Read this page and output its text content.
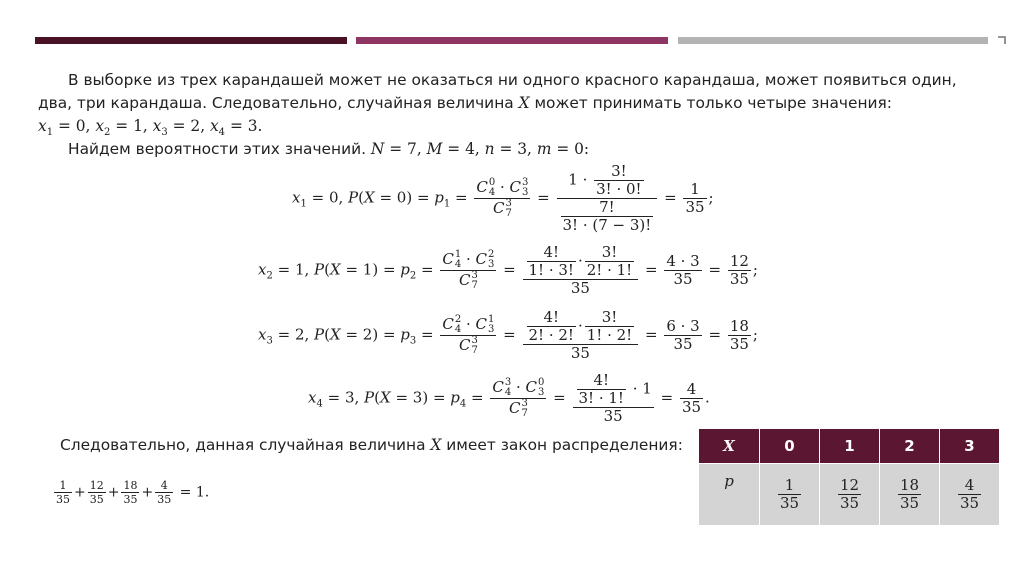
В выборке из трех карандашей может не оказаться ни одного красного карандаша, может появиться один,
два, три карандаша. Следовательно, случайная величина X может принимать только четыре значения:
$x_1 = 0$, $x_2 = 1$, $x_3 = 2$, $x_4 = 3$.
Найдем вероятности этих значений. N = 7, M = 4, n = 3, m = 0:
$x_1 = 0$, $P(X = 0) = p_1 = C$ 0
4 · C 3
3
C 3
$7 = \frac{1 \cdot \frac{3!}{3! \cdot 0!}}{\frac{7!}{3! \cdot (7 - 3)!}} = \frac{1}{35}$ ;
$x_2 = 1$, $P(X = 1) = p_2 = C$ 1
4 · C 2
3
C 3
$7 = \frac{\frac{4!}{1! \cdot 3!} \cdot \frac{3!}{2! \cdot 1!}}{35} = \frac{4 \cdot 3}{35} = \frac{12}{35}$ ;
$x_3 = 2$, $P(X = 2) = p_3 = C$ 2
4 · C 1
3
C 3
$7 = \frac{\frac{4!}{2! \cdot 2!} \cdot \frac{3!}{1! \cdot 2!}}{35} = \frac{6 \cdot 3}{35} = \frac{18}{35}$ ;
$x_4 = 3$, $P(X = 3) = p_4 = C$ 3
4 · C 0
3
C 3
$7 = \frac{\frac{4!}{3! \cdot 1!} \cdot 1}{35} = \frac{4}{35}$ .
Следовательно, данная случайная величина X имеет закон распределения:
$\frac{1}{35} + \frac{12}{35} + \frac{18}{35} + \frac{4}{35} = 1$.
X	0	1	2	3
p	$\frac{1}{35}$	$\frac{12}{35}$	$\frac{18}{35}$	$\frac{4}{35}$
